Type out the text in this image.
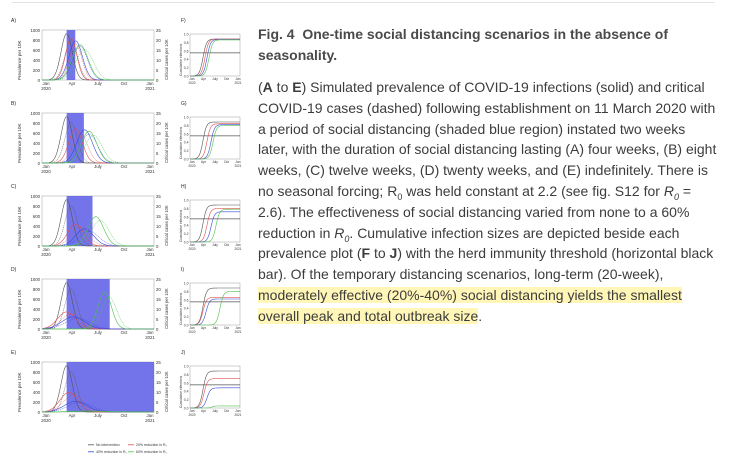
A)
1000
800
600
400
200
0
25
20
15
10
5
0
Jan	Apr	July	Oct	Jan
2020	2021
Prevalence per 10K	Critical cases per 10K
F)
1.0
0.8
0.6
0.4
0.2
0.0
Cumulative infections
Jan Apr July Oct Jan
2020	2021
B)
1000
800
600
400
200
0
25
20
15
10
5
0
Jan	Apr	July	Oct	Jan
2020	2021
Prevalence per 10K	Critical cases per 10K
G)
1.0
0.8
0.6
0.4
0.2
0.0
Cumulative infections
Jan Apr July Oct Jan
2020	2021
C)
1000
800
600
400
200
0
25
20
15
10
5
0
Jan	Apr	July	Oct	Jan
2020	2021
Prevalence per 10K	Critical cases per 10K
H)
1.0
0.8
0.6
0.4
0.2
0.0
Cumulative infections
Jan Apr July Oct Jan
2020	2021
D)
1000
800
600
400
200
0
25
20
15
10
5
0
Jan	Apr	July	Oct	Jan
2020	2021
Prevalence per 10K	Critical cases per 10K
I)
1.0
0.8
0.6
0.4
0.2
0.0
Cumulative infections
Jan Apr July Oct Jan
2020	2021
E)
1000
800
600
400
200
0
25
20
15
10
5
0
Jan	Apr	July	Oct	Jan
2020	2021
Prevalence per 10K	Critical cases per 10K
J)
1.0
0.8
0.6
0.4
0.2
0.0
Cumulative infections
Jan Apr July Oct Jan
2020	2021
No intervention	20% reduction in R₀
40% reduction in R₀	60% reduction in R₀

Fig. 4 One-time social distancing scenarios in the absence of seasonality.

(A to E) Simulated prevalence of COVID-19 infections (solid) and critical COVID-19 cases (dashed) following establishment on 11 March 2020 with a period of social distancing (shaded blue region) instated two weeks later, with the duration of social distancing lasting (A) four weeks, (B) eight weeks, (C) twelve weeks, (D) twenty weeks, and (E) indefinitely. There is no seasonal forcing; $R_0$ was held constant at 2.2 (see fig. S12 for $R_0 = 2.6$). The effectiveness of social distancing varied from none to a 60% reduction in $R_0$. Cumulative infection sizes are depicted beside each prevalence plot (F to J) with the herd immunity threshold (horizontal black bar). Of the temporary distancing scenarios, long-term (20-week), moderately effective (20%-40%) social distancing yields the smallest overall peak and total outbreak size.
